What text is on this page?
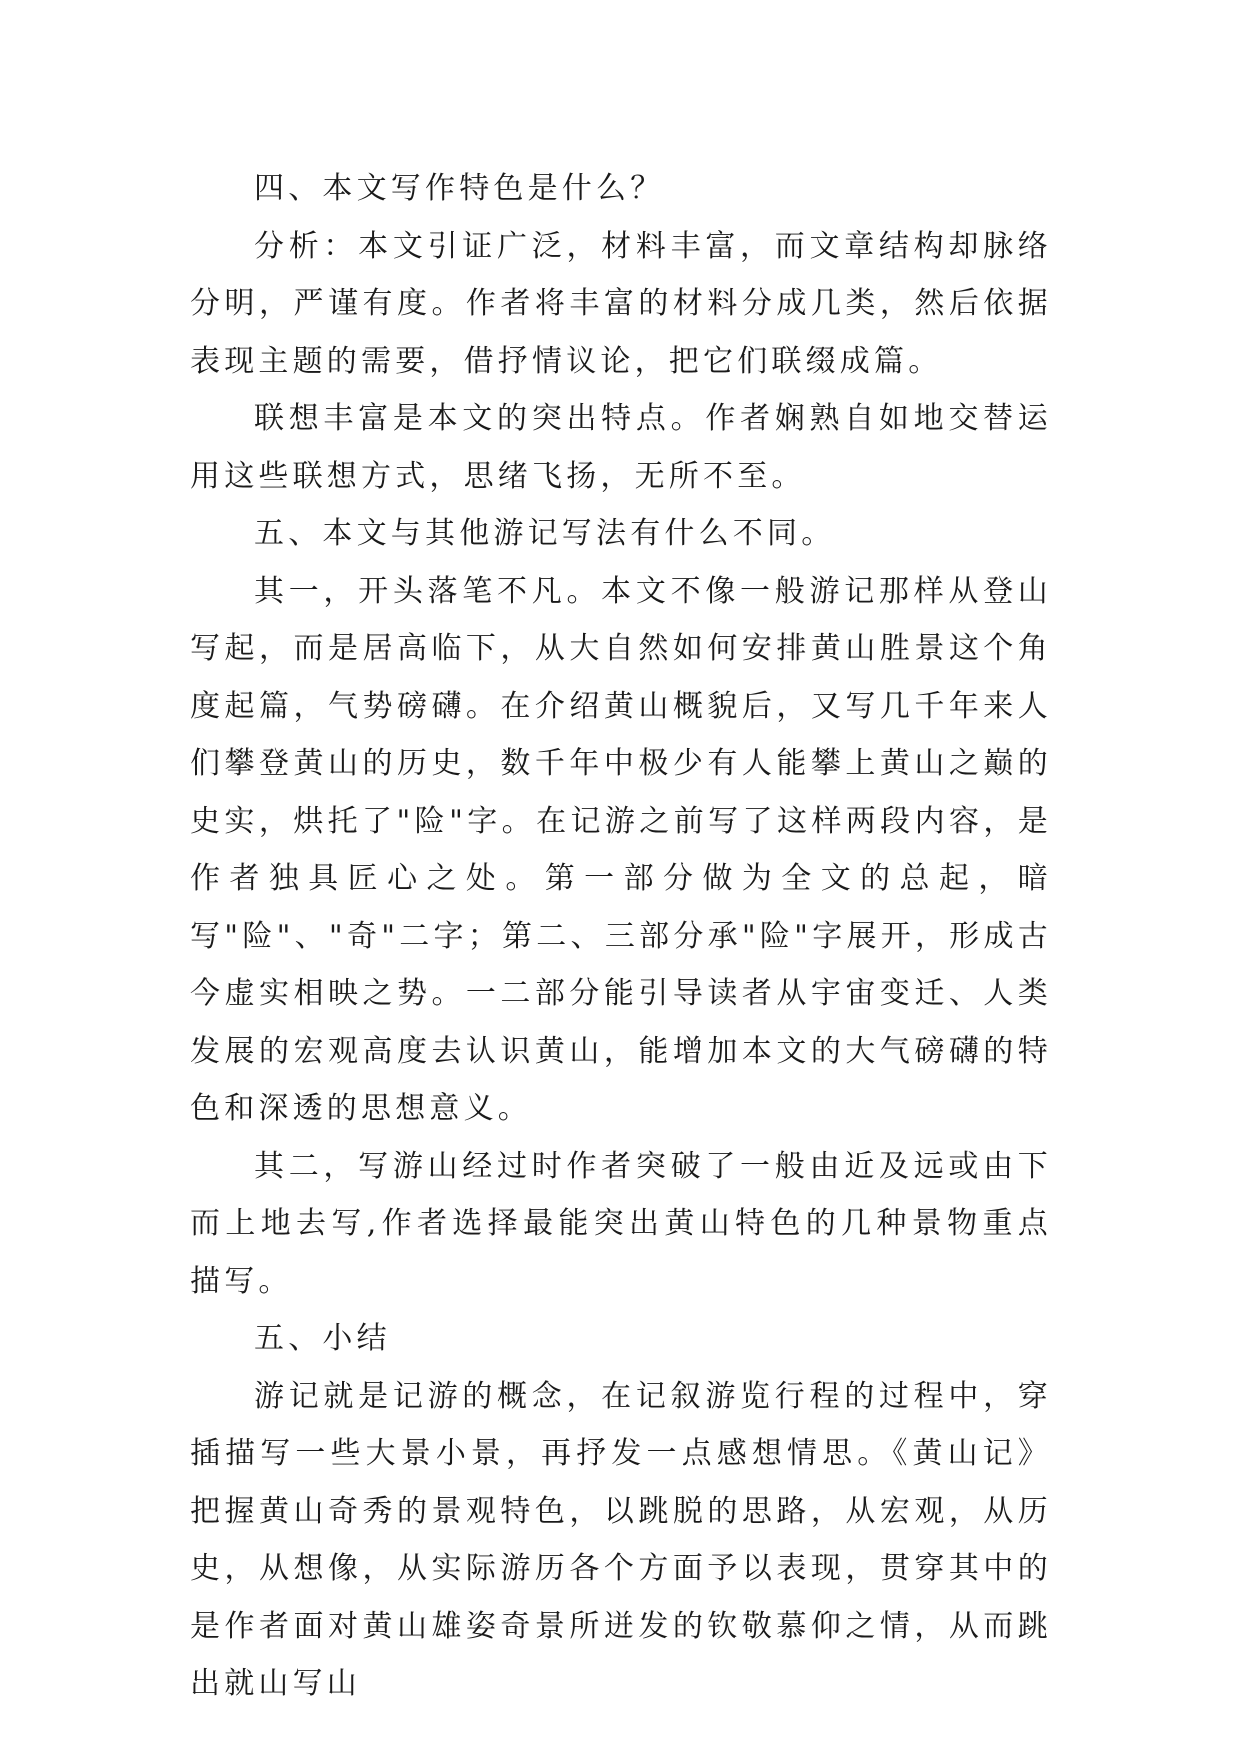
四、本文写作特色是什么？

分析：本文引证广泛，材料丰富，而文章结构却脉络分明，严谨有度。作者将丰富的材料分成几类，然后依据表现主题的需要，借抒情议论，把它们联缀成篇。

联想丰富是本文的突出特点。作者娴熟自如地交替运用这些联想方式，思绪飞扬，无所不至。

五、本文与其他游记写法有什么不同。

其一，开头落笔不凡。本文不像一般游记那样从登山写起，而是居高临下，从大自然如何安排黄山胜景这个角度起篇，气势磅礴。在介绍黄山概貌后，又写几千年来人们攀登黄山的历史，数千年中极少有人能攀上黄山之巅的史实，烘托了"险"字。在记游之前写了这样两段内容，是作者独具匠心之处。第一部分做为全文的总起，暗写"险"、"奇"二字；第二、三部分承"险"字展开，形成古今虚实相映之势。一二部分能引导读者从宇宙变迁、人类发展的宏观高度去认识黄山，能增加本文的大气磅礴的特色和深透的思想意义。

其二，写游山经过时作者突破了一般由近及远或由下而上地去写,作者选择最能突出黄山特色的几种景物重点描写。

五、小结

游记就是记游的概念，在记叙游览行程的过程中，穿插描写一些大景小景，再抒发一点感想情思。《黄山记》把握黄山奇秀的景观特色，以跳脱的思路，从宏观，从历史，从想像，从实际游历各个方面予以表现，贯穿其中的是作者面对黄山雄姿奇景所迸发的钦敬慕仰之情，从而跳出就山写山
